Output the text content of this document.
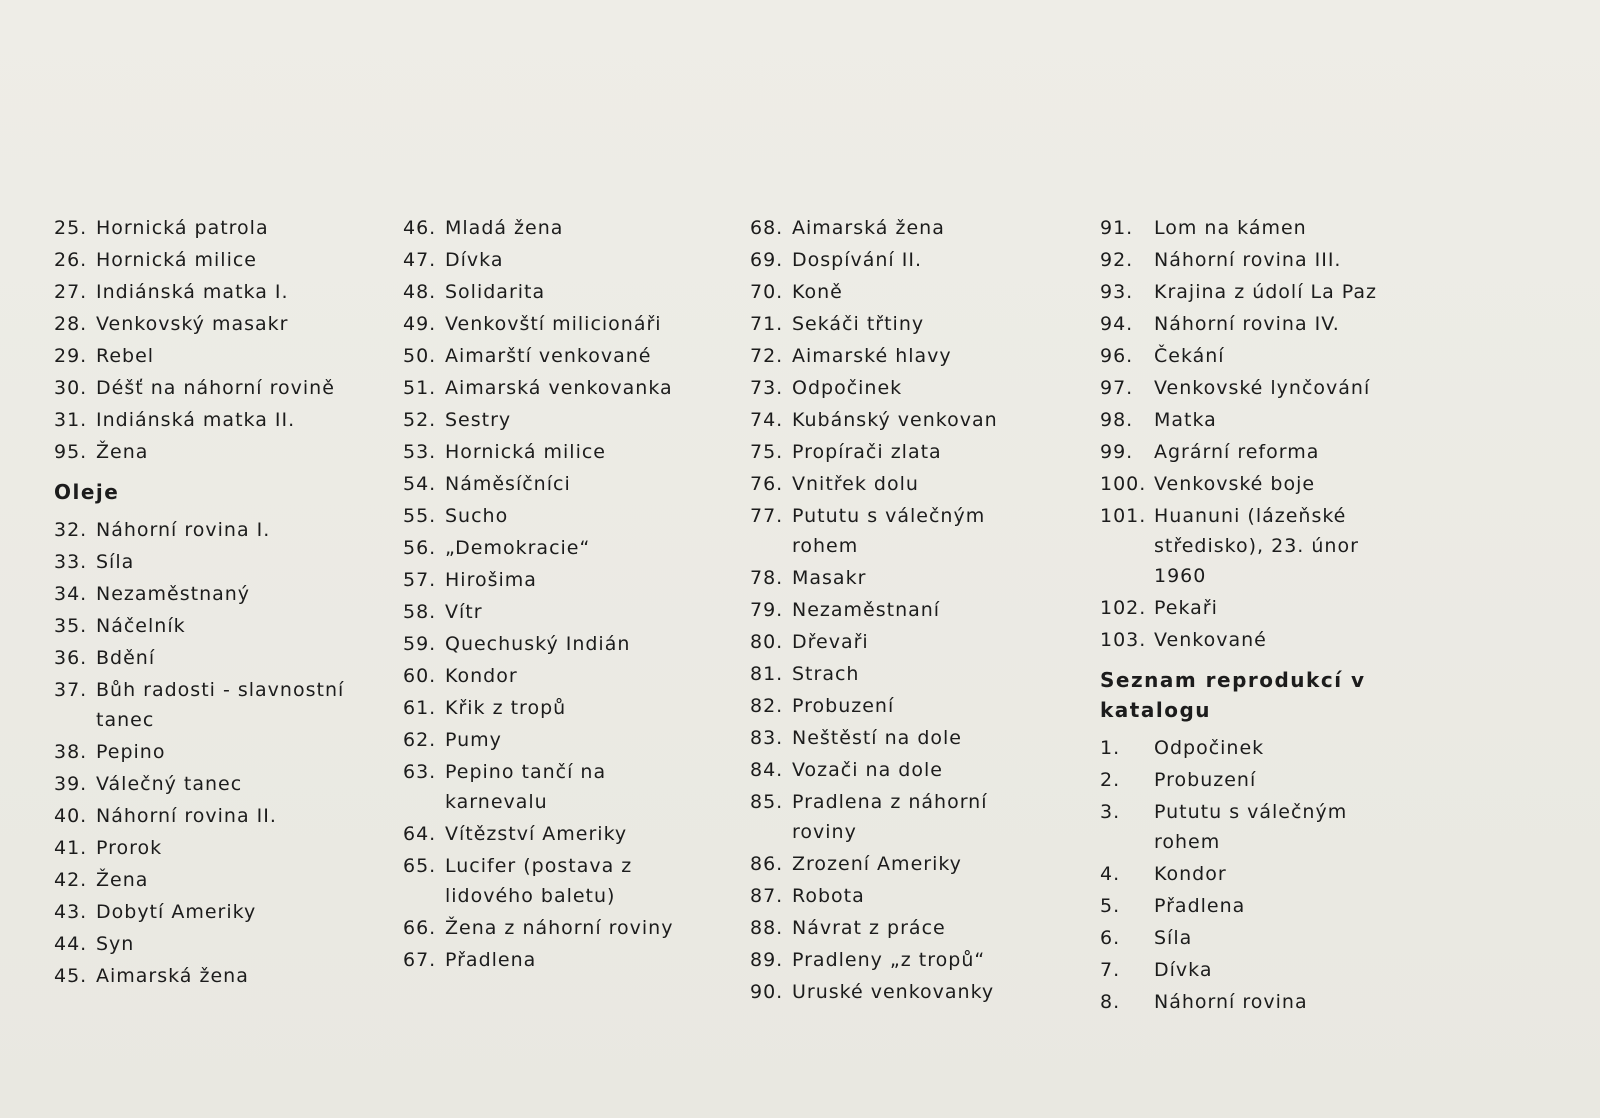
25. Hornická patrola
26. Hornická milice
27. Indiánská matka I.
28. Venkovský masakr
29. Rebel
30. Déšť na náhorní rovině
31. Indiánská matka II.
95. Žena
Oleje
32. Náhorní rovina I.
33. Síla
34. Nezaměstnaný
35. Náčelník
36. Bdění
37. Bůh radosti - slavnostní tanec
38. Pepino
39. Válečný tanec
40. Náhorní rovina II.
41. Prorok
42. Žena
43. Dobytí Ameriky
44. Syn
45. Aimarská žena
46. Mladá žena
47. Dívka
48. Solidarita
49. Venkovští milicionáři
50. Aimarští venkované
51. Aimarská venkovanka
52. Sestry
53. Hornická milice
54. Náměsíčníci
55. Sucho
56. „Demokracie“
57. Hirošima
58. Vítr
59. Quechuský Indián
60. Kondor
61. Křik z tropů
62. Pumy
63. Pepino tančí na karnevalu
64. Vítězství Ameriky
65. Lucifer (postava z lidového baletu)
66. Žena z náhorní roviny
67. Přadlena
68. Aimarská žena
69. Dospívání II.
70. Koně
71. Sekáči třtiny
72. Aimarské hlavy
73. Odpočinek
74. Kubánský venkovan
75. Propírači zlata
76. Vnitřek dolu
77. Pututu s válečným rohem
78. Masakr
79. Nezaměstnaní
80. Dřevaři
81. Strach
82. Probuzení
83. Neštěstí na dole
84. Vozači na dole
85. Pradlena z náhorní roviny
86. Zrození Ameriky
87. Robota
88. Návrat z práce
89. Pradleny „z tropů“
90. Uruské venkovanky
91.	Lom na kámen
92.	Náhorní rovina III.
93.	Krajina z údolí La Paz
94.	Náhorní rovina IV.
96.	Čekání
97.	Venkovské lynčování
98.	Matka
99.	Agrární reforma
100. Venkovské boje
101. Huanuni (lázeňské středisko), 23. únor 1960
102. Pekaři
103. Venkované
Seznam reprodukcí v katalogu
1.	Odpočinek
2.	Probuzení
3.	Pututu s válečným rohem
4.	Kondor
5.	Přadlena
6.	Síla
7.	Dívka
8.	Náhorní rovina
